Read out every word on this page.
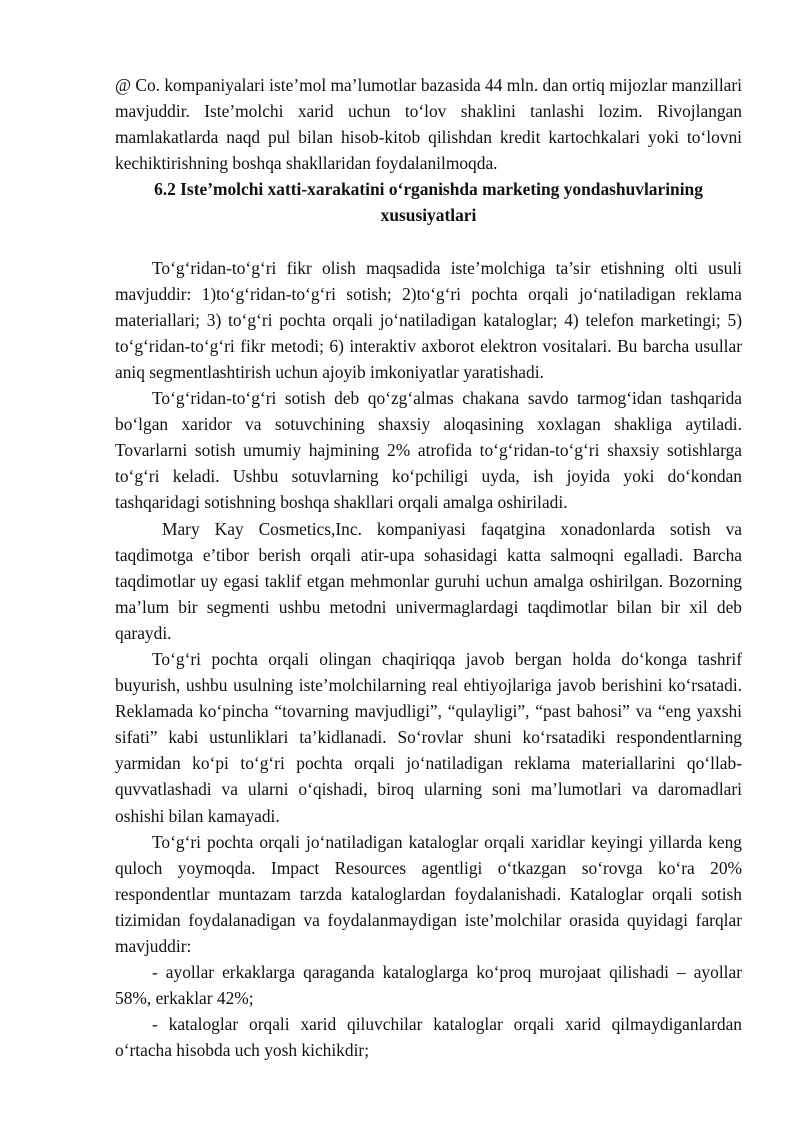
@ Co. kompaniyalari iste’mol ma’lumotlar bazasida 44 mln. dan ortiq mijozlar manzillari mavjuddir. Iste’molchi xarid uchun to‘lov shaklini tanlashi lozim. Rivojlangan mamlakatlarda naqd pul bilan hisob-kitob qilishdan kredit kartochkalari yoki to‘lovni kechiktirishning boshqa shakllaridan foydalanilmoqda.

6.2 Iste’molchi xatti-xarakatini o‘rganishda marketing yondashuvlarining xususiyatlari

To‘g‘ridan-to‘g‘ri fikr olish maqsadida iste’molchiga ta’sir etishning olti usuli mavjuddir: 1)to‘g‘ridan-to‘g‘ri sotish; 2)to‘g‘ri pochta orqali jo‘natiladigan reklama materiallari; 3) to‘g‘ri pochta orqali jo‘natiladigan kataloglar; 4) telefon marketingi; 5) to‘g‘ridan-to‘g‘ri fikr metodi; 6) interaktiv axborot elektron vositalari. Bu barcha usullar aniq segmentlashtirish uchun ajoyib imkoniyatlar yaratishadi.

To‘g‘ridan-to‘g‘ri sotish deb qo‘zg‘almas chakana savdo tarmog‘idan tashqarida bo‘lgan xaridor va sotuvchining shaxsiy aloqasining xoxlagan shakliga aytiladi. Tovarlarni sotish umumiy hajmining 2% atrofida to‘g‘ridan-to‘g‘ri shaxsiy sotishlarga to‘g‘ri keladi. Ushbu sotuvlarning ko‘pchiligi uyda, ish joyida yoki do‘kondan tashqaridagi sotishning boshqa shakllari orqali amalga oshiriladi.

Mary Kay Cosmetics,Inc. kompaniyasi faqatgina xonadonlarda sotish va taqdimotga e’tibor berish orqali atir-upa sohasidagi katta salmoqni egalladi. Barcha taqdimotlar uy egasi taklif etgan mehmonlar guruhi uchun amalga oshirilgan. Bozorning ma’lum bir segmenti ushbu metodni univermaglardagi taqdimotlar bilan bir xil deb qaraydi.

To‘g‘ri pochta orqali olingan chaqiriqqa javob bergan holda do‘konga tashrif buyurish, ushbu usulning iste’molchilarning real ehtiyojlariga javob berishini ko‘rsatadi. Reklamada ko‘pincha “tovarning mavjudligi”, “qulayligi”, “past bahosi” va “eng yaxshi sifati” kabi ustunliklari ta’kidlanadi. So‘rovlar shuni ko‘rsatadiki respondentlarning yarmidan ko‘pi to‘g‘ri pochta orqali jo‘natiladigan reklama materiallarini qo‘llab-quvvatlashadi va ularni o‘qishadi, biroq ularning soni ma’lumotlari va daromadlari oshishi bilan kamayadi.

To‘g‘ri pochta orqali jo‘natiladigan kataloglar orqali xaridlar keyingi yillarda keng quloch yoymoqda. Impact Resources agentligi o‘tkazgan so‘rovga ko‘ra 20% respondentlar muntazam tarzda kataloglardan foydalanishadi. Kataloglar orqali sotish tizimidan foydalanadigan va foydalanmaydigan iste’molchilar orasida quyidagi farqlar mavjuddir:

- ayollar erkaklarga qaraganda kataloglarga ko‘proq murojaat qilishadi – ayollar 58%, erkaklar 42%;

- kataloglar orqali xarid qiluvchilar kataloglar orqali xarid qilmaydiganlardan o‘rtacha hisobda uch yosh kichikdir;
